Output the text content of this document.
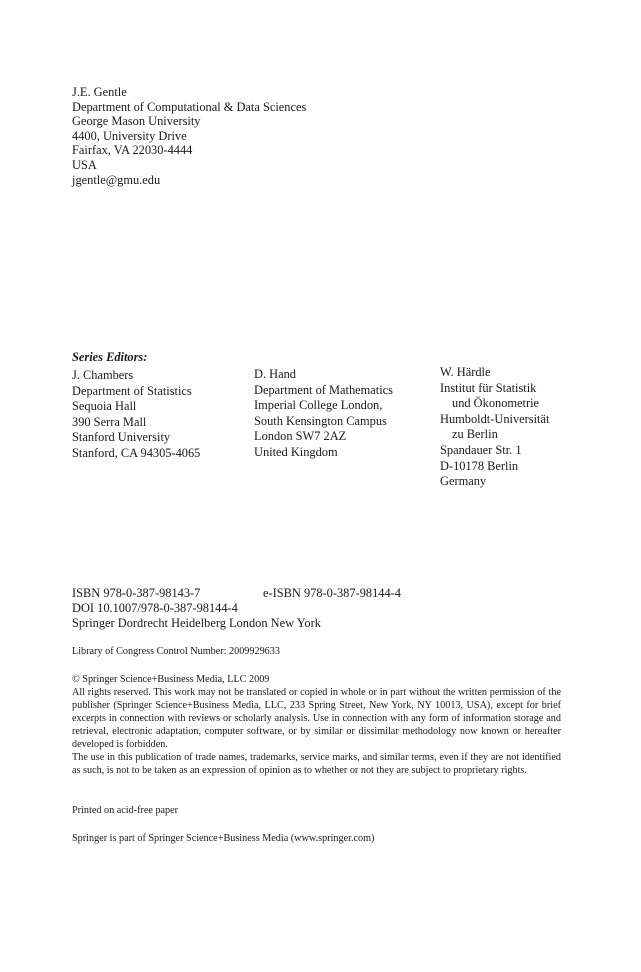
J.E. Gentle
Department of Computational & Data Sciences
George Mason University
4400, University Drive
Fairfax, VA 22030-4444
USA
jgentle@gmu.edu
Series Editors:
J. Chambers
Department of Statistics
Sequoia Hall
390 Serra Mall
Stanford University
Stanford, CA 94305-4065
D. Hand
Department of Mathematics
Imperial College London,
South Kensington Campus
London SW7 2AZ
United Kingdom
W. Härdle
Institut für Statistik
und Ökonometrie
Humboldt-Universität
zu Berlin
Spandauer Str. 1
D-10178 Berlin
Germany
ISBN 978-0-387-98143-7	e-ISBN 978-0-387-98144-4
DOI 10.1007/978-0-387-98144-4
Springer Dordrecht Heidelberg London New York
Library of Congress Control Number: 2009929633
© Springer Science+Business Media, LLC 2009
All rights reserved. This work may not be translated or copied in whole or in part without the written permission of the publisher (Springer Science+Business Media, LLC, 233 Spring Street, New York, NY 10013, USA), except for brief excerpts in connection with reviews or scholarly analysis. Use in connection with any form of information storage and retrieval, electronic adaptation, computer software, or by similar or dissimilar methodology now known or hereafter developed is forbidden.
The use in this publication of trade names, trademarks, service marks, and similar terms, even if they are not identified as such, is not to be taken as an expression of opinion as to whether or not they are subject to proprietary rights.
Printed on acid-free paper
Springer is part of Springer Science+Business Media (www.springer.com)
